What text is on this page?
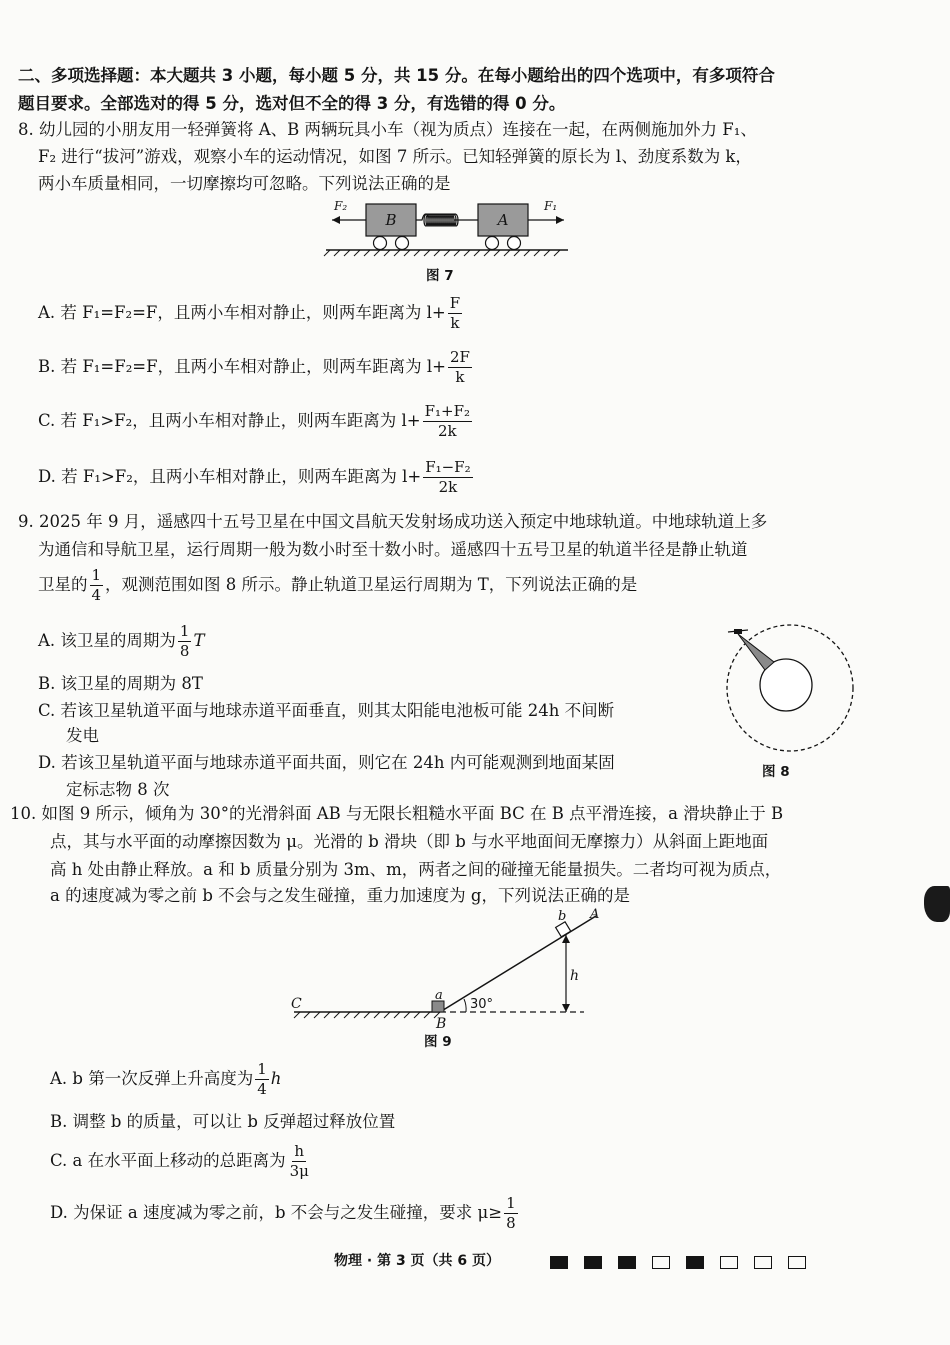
二、多项选择题：本大题共 3 小题，每小题 5 分，共 15 分。在每小题给出的四个选项中，有多项符合
题目要求。全部选对的得 5 分，选对但不全的得 3 分，有选错的得 0 分。
8. 幼儿园的小朋友用一轻弹簧将 A、B 两辆玩具小车（视为质点）连接在一起，在两侧施加外力 F₁、
F₂ 进行“拔河”游戏，观察小车的运动情况，如图 7 所示。已知轻弹簧的原长为 l、劲度系数为 k，
两小车质量相同，一切摩擦均可忽略。下列说法正确的是
B	A
F₂	F₁
图 7
A. 若 F₁=F₂=F，且两小车相对静止，则两车距离为 $l+ \frac{F}{k}$
B. 若 F₁=F₂=F，且两小车相对静止，则两车距离为 $l+ \frac{2F}{k}$
C. 若 F₁>F₂，且两小车相对静止，则两车距离为 $l+ \frac{\text{F₁+F₂}}{2k}$
D. 若 F₁>F₂，且两小车相对静止，则两车距离为 $l+ \frac{\text{F₁−F₂}}{2k}$
9. 2025 年 9 月，遥感四十五号卫星在中国文昌航天发射场成功送入预定中地球轨道。中地球轨道上多
为通信和导航卫星，运行周期一般为数小时至十数小时。遥感四十五号卫星的轨道半径是静止轨道
卫星的 $\frac{1}{4}$ ，观测范围如图 8 所示。静止轨道卫星运行周期为 T，下列说法正确的是
A. 该卫星的周期为 $\frac{1}{8}$ T
B. 该卫星的周期为 8T
C. 若该卫星轨道平面与地球赤道平面垂直，则其太阳能电池板可能 24h 不间断
发电
D. 若该卫星轨道平面与地球赤道平面共面，则它在 24h 内可能观测到地面某固
定标志物 8 次
图 8
10. 如图 9 所示，倾角为 30°的光滑斜面 AB 与无限长粗糙水平面 BC 在 B 点平滑连接，a 滑块静止于 B
点，其与水平面的动摩擦因数为 μ。光滑的 b 滑块（即 b 与水平地面间无摩擦力）从斜面上距地面
高 h 处由静止释放。a 和 b 质量分别为 3m、m，两者之间的碰撞无能量损失。二者均可视为质点，
a 的速度减为零之前 b 不会与之发生碰撞，重力加速度为 g，下列说法正确的是
C
B
A
h
a
b
30°
图 9
A. b 第一次反弹上升高度为 $\frac{1}{4}$ h
B. 调整 b 的质量，可以让 b 反弹超过释放位置
C. a 在水平面上移动的总距离为 $\frac{h}{3\mu}$
D. 为保证 a 速度减为零之前，b 不会与之发生碰撞，要求 $\mu\ge \frac{1}{8}$
物理 · 第 3 页（共 6 页）
